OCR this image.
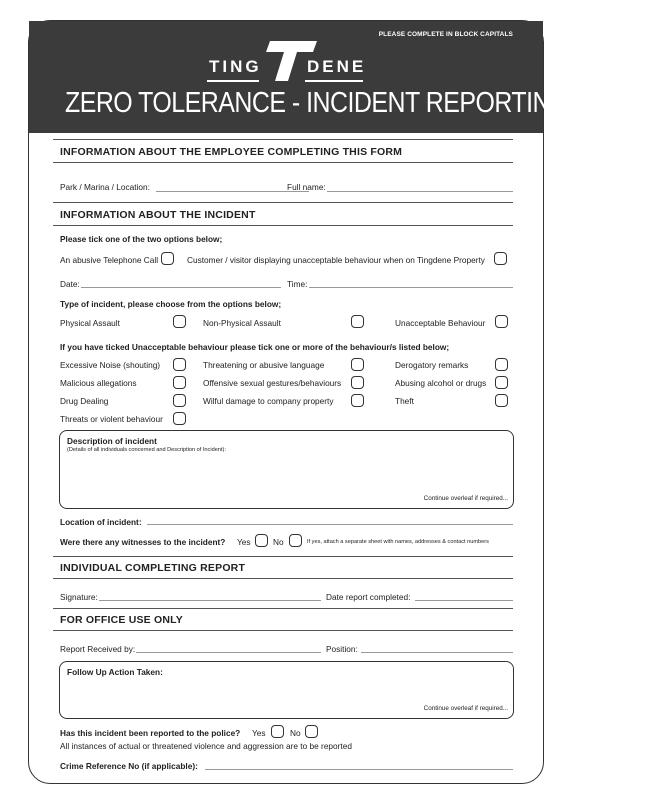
PLEASE COMPLETE IN BLOCK CAPITALS
TING	DENE
ZERO TOLERANCE - INCIDENT REPORTING FORM
INFORMATION ABOUT THE EMPLOYEE COMPLETING THIS FORM
Park / Marina / Location:	Full name:
INFORMATION ABOUT THE INCIDENT
Please tick one of the two options below;
An abusive Telephone Call	Customer / visitor displaying unacceptable behaviour when on Tingdene Property
Date:	Time:
Type of incident, please choose from the options below;
Physical Assault	Non-Physical Assault	Unacceptable Behaviour
If you have ticked Unacceptable behaviour please tick one or more of the behaviour/s listed below;
Excessive Noise (shouting)	Threatening or abusive language	Derogatory remarks
Malicious allegations	Offensive sexual gestures/behaviours	Abusing alcohol or drugs
Drug Dealing	Wilful damage to company property	Theft
Threats or violent behaviour
Description of incident
(Details of all individuals concerned and Description of Incident):
Continue overleaf if required...
Location of incident:
Were there any witnesses to the incident? Yes	No	If yes, attach a separate sheet with names, addresses & contact numbers
INDIVIDUAL COMPLETING REPORT
Signature:	Date report completed:
FOR OFFICE USE ONLY
Report Received by:	Position:
Follow Up Action Taken:
Continue overleaf if required...
Has this incident been reported to the police? Yes	No
All instances of actual or threatened violence and aggression are to be reported
Crime Reference No (if applicable):
